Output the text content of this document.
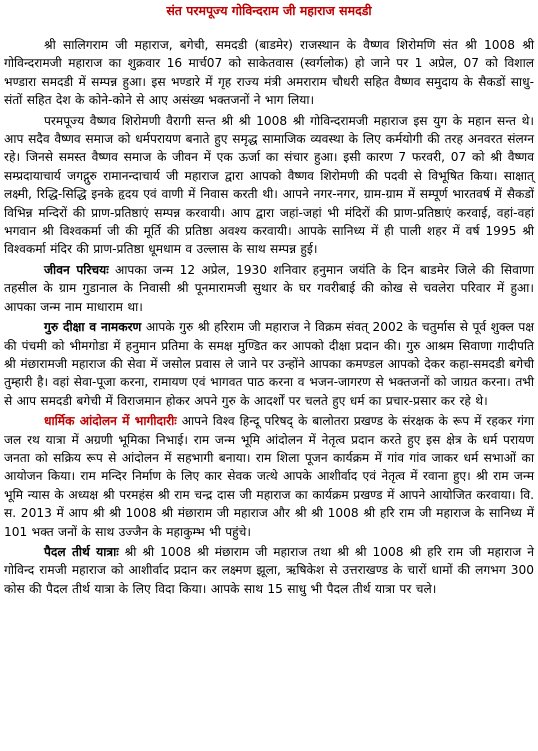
संत परमपूज्य गोविन्दराम जी महाराज समदडी

श्री सालिगराम जी महाराज, बगेची, समदडी (बाडमेर) राजस्थान के वैष्णव शिरोमणि संत श्री 1008 श्री गोविन्दरामजी महाराज का शुक्रवार 16 मार्च07 को साकेतवास (स्वर्गलोक) हो जाने पर 1 अप्रेल, 07 को विशाल भण्डारा समदडी में सम्पन्न हुआ। इस भण्डारे में गृह राज्य मंत्री अमराराम चौधरी सहित वैष्णव समुदाय के सैकडों साधु-संतों सहित देश के कोने-कोने से आए असंख्य भक्तजनों ने भाग लिया।

परमपूज्य वैष्णव शिरोमणी वैरागी सन्त श्री श्री 1008 श्री गोविन्दरामजी महाराज इस युग के महान सन्त थे। आप सदैव वैष्णव समाज को धर्मपरायण बनाते हुए समृद्ध सामाजिक व्यवस्था के लिए कर्मयोगी की तरह अनवरत संलग्न रहे। जिनसे समस्त वैष्णव समाज के जीवन में एक ऊर्जा का संचार हुआ। इसी कारण 7 फरवरी, 07 को श्री वैष्णव सम्प्रदायाचार्य जगद्गुरु रामानन्दाचार्य जी महाराज द्वारा आपको वैष्णव शिरोमणी की पदवी से विभूषित किया। साक्षात् लक्ष्मी, रिद्धि-सिद्धि इनके हृदय एवं वाणी में निवास करती थी। आपने नगर-नगर, ग्राम-ग्राम में सम्पूर्ण भारतवर्ष में सैकडों विभिन्न मन्दिरों की प्राण-प्रतिष्ठाएं सम्पन्न करवायी। आप द्वारा जहां-जहां भी मंदिरों की प्राण-प्रतिष्ठाएं करवाई, वहां-वहां भगवान श्री विश्वकर्मा जी की मूर्ति की प्रतिष्ठा अवश्य करवायी। आपके सानिध्य में ही पाली शहर में वर्ष 1995 श्री विश्वकर्मा मंदिर की प्राण-प्रतिष्ठा धूमधाम व उल्लास के साथ सम्पन्न हुई।

जीवन परिचयः आपका जन्म 12 अप्रेल, 1930 शनिवार हनुमान जयंति के दिन बाडमेर जिले की सिवाणा तहसील के ग्राम गुडानाल के निवासी श्री पूनमारामजी सुथार के घर गवरीबाई की कोख से चवलेरा परिवार में हुआ। आपका जन्म नाम माधाराम था।

गुरु दीक्षा व नामकरण आपके गुरु श्री हरिराम जी महाराज ने विक्रम संवत् 2002 के चतुर्मास से पूर्व शुक्ल पक्ष की पंचमी को भीमगोडा में हनुमान प्रतिमा के समक्ष मुण्डित कर आपको दीक्षा प्रदान की। गुरु आश्रम सिवाणा गादीपति श्री मंछारामजी महाराज की सेवा में जसोल प्रवास ले जाने पर उन्होंने आपका कमण्डल आपको देकर कहा-समदडी बगेची तुम्हारी है। वहां सेवा-पूजा करना, रामायण एवं भागवत पाठ करना व भजन-जागरण से भक्तजनों को जाग्रत करना। तभी से आप समदडी बगेची में विराजमान होकर अपने गुरु के आदर्शों पर चलते हुए धर्म का प्रचार-प्रसार कर रहे थे।

धार्मिक आंदोलन में भागीदारीः आपने विश्व हिन्दू परिषद् के बालोतरा प्रखण्ड के संरक्षक के रूप में रहकर गंगा जल रथ यात्रा में अग्रणी भूमिका निभाई। राम जन्म भूमि आंदोलन में नेतृत्व प्रदान करते हुए इस क्षेत्र के धर्म परायण जनता को सक्रिय रूप से आंदोलन में सहभागी बनाया। राम शिला पूजन कार्यक्रम में गांव गांव जाकर धर्म सभाओं का आयोजन किया। राम मन्दिर निर्माण के लिए कार सेवक जत्थे आपके आशीर्वाद एवं नेतृत्व में रवाना हुए। श्री राम जन्म भूमि न्यास के अध्यक्ष श्री परमहंस श्री राम चन्द्र दास जी महाराज का कार्यक्रम प्रखण्ड में आपने आयोजित करवाया। वि. स. 2013 में आप श्री श्री 1008 श्री मंछाराम जी महाराज और श्री श्री 1008 श्री हरि राम जी महाराज के सानिध्य में 101 भक्त जनों के साथ उज्जैन के महाकुम्भ भी पहुंचे।

पैदल तीर्थ यात्राः श्री श्री 1008 श्री मंछाराम जी महाराज तथा श्री श्री 1008 श्री हरि राम जी महाराज ने गोविन्द रामजी महाराज को आशीर्वाद प्रदान कर लक्ष्मण झूला, ऋषिकेश से उत्तराखण्ड के चारों धामों की लगभग 300 कोस की पैदल तीर्थ यात्रा के लिए विदा किया। आपके साथ 15 साधु भी पैदल तीर्थ यात्रा पर चले।
